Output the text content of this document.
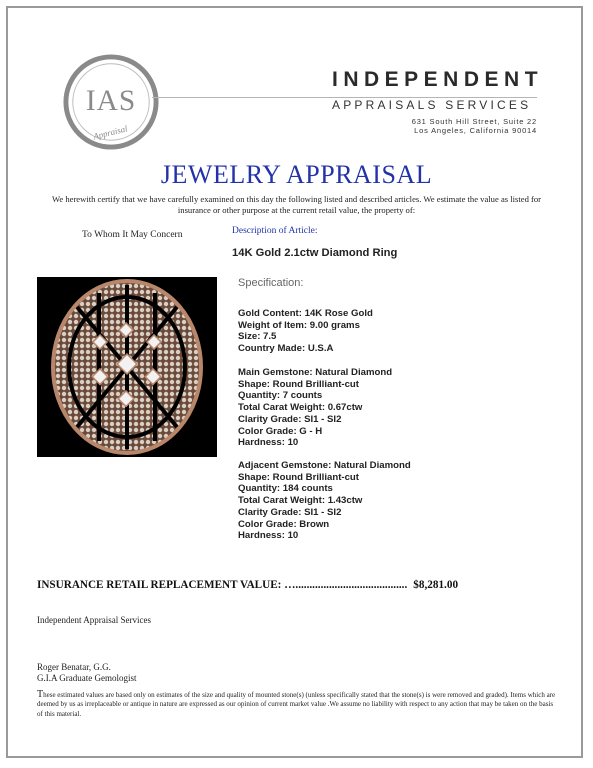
IAS
Appraisal
INDEPENDENT
APPRAISALS SERVICES
631 South Hill Street, Suite 22
Los Angeles, California 90014
JEWELRY APPRAISAL
We herewith certify that we have carefully examined on this day the following listed and described articles. We estimate the value as listed for insurance or other purpose at the current retail value, the property of:
To Whom It May Concern	Description of Article:
14K Gold 2.1ctw Diamond Ring
Specification:
Gold Content: 14K Rose Gold
Weight of Item: 9.00 grams
Size: 7.5
Country Made: U.S.A
Main Gemstone: Natural Diamond
Shape: Round Brilliant-cut
Quantity: 7 counts
Total Carat Weight: 0.67ctw
Clarity Grade: SI1 - SI2
Color Grade: G - H
Hardness: 10
Adjacent Gemstone: Natural Diamond
Shape: Round Brilliant-cut
Quantity: 184 counts
Total Carat Weight: 1.43ctw
Clarity Grade: SI1 - SI2
Color Grade: Brown
Hardness: 10
INSURANCE RETAIL REPLACEMENT VALUE: …........................................ $8,281.00
Independent Appraisal Services
Roger Benatar, G.G.
G.I.A Graduate Gemologist
These estimated values are based only on estimates of the size and quality of mounted stone(s) (unless specifically stated that the stone(s) is were removed and graded). Items which are deemed by us as irreplaceable or antique in nature are expressed as our opinion of current market value .We assume no liability with respect to any action that may be taken on the basis of this material.
